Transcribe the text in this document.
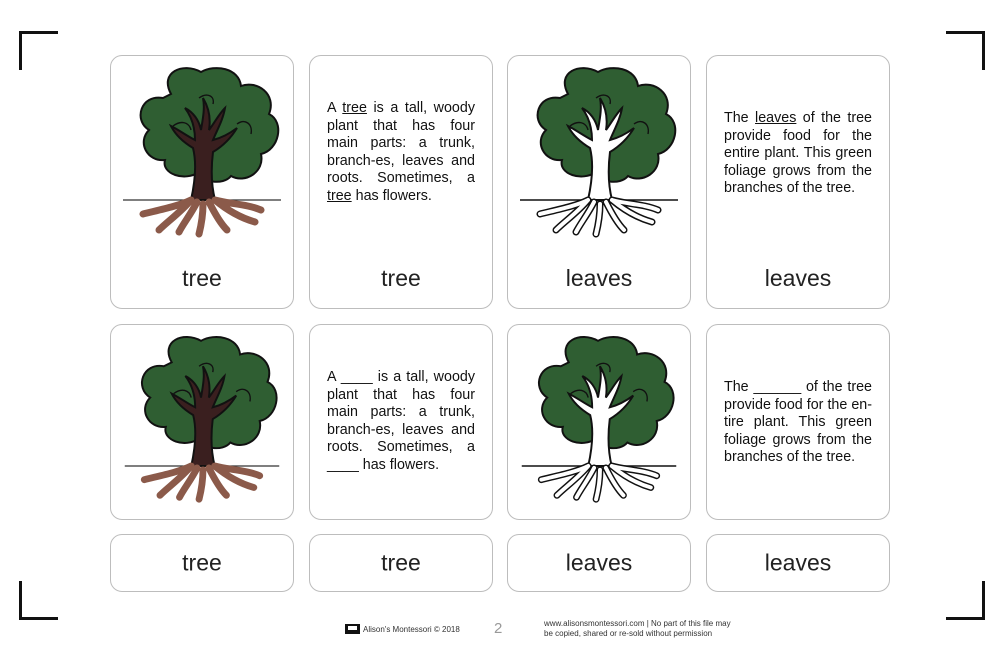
tree
A tree is a tall, woody plant that has four main parts: a trunk, branch-es, leaves and roots. Sometimes, a tree has flowers.
tree	leaves
The leaves of the tree provide food for the entire plant. This green foliage grows from the branches of the tree.
leaves
A ____ is a tall, woody plant that has four main parts: a trunk, branch-es, leaves and roots. Sometimes, a ____ has flowers.
The ______ of the tree provide food for the en-tire plant. This green foliage grows from the branches of the tree.
tree	tree	leaves	leaves
Alison's Montessori © 2018 2	www.alisonsmontessori.com | No part of this file may
be copied, shared or re-sold without permission
